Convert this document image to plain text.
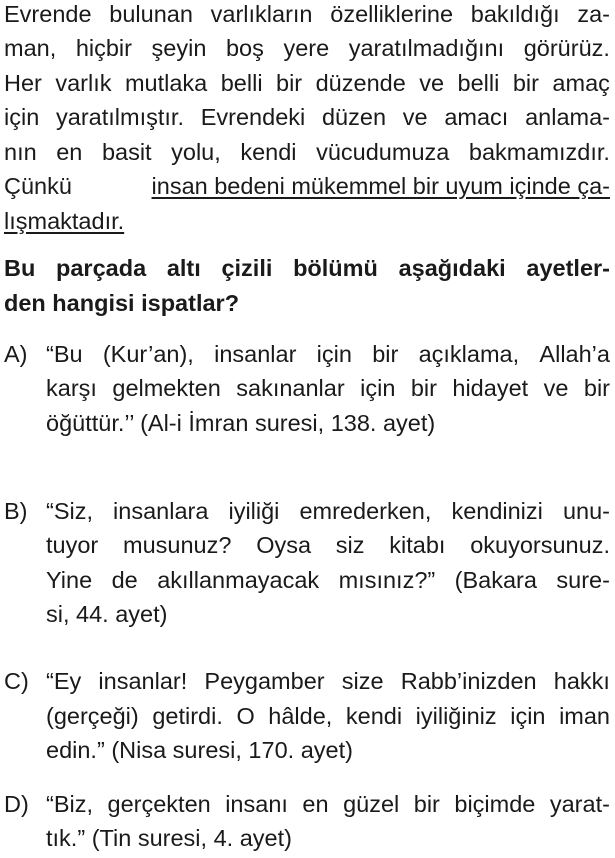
Evrende bulunan varlıkların özelliklerine bakıldığı za-
man, hiçbir şeyin boş yere yaratılmadığını görürüz.
Her varlık mutlaka belli bir düzende ve belli bir amaç
için yaratılmıştır. Evrendeki düzen ve amacı anlama-
nın en basit yolu, kendi vücudumuza bakmamızdır.
Çünkü	insan bedeni mükemmel bir uyum içinde ça-
lışmaktadır.
Bu parçada altı çizili bölümü aşağıdaki ayetler-
den hangisi ispatlar?
A) “Bu (Kur’an), insanlar için bir açıklama, Allah’a
karşı gelmekten sakınanlar için bir hidayet ve bir
öğüttür.’’ (Al-i İmran suresi, 138. ayet)
B) “Siz, insanlara iyiliği emrederken, kendinizi unu-
tuyor musunuz? Oysa siz kitabı okuyorsunuz.
Yine de akıllanmayacak mısınız?” (Bakara sure-
si, 44. ayet)
C) “Ey insanlar! Peygamber size Rabb’inizden hakkı
(gerçeği) getirdi. O hâlde, kendi iyiliğiniz için iman
edin.” (Nisa suresi, 170. ayet)
D) “Biz, gerçekten insanı en güzel bir biçimde yarat-
tık.” (Tin suresi, 4. ayet)
